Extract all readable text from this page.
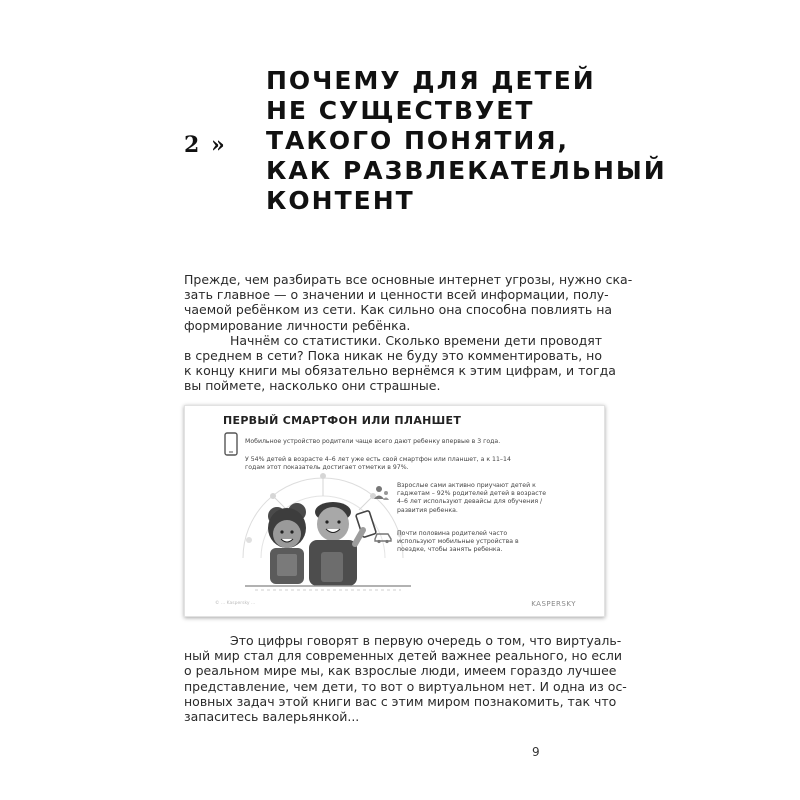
2 »
ПОЧЕМУ ДЛЯ ДЕТЕЙ
НЕ СУЩЕСТВУЕТ
ТАКОГО ПОНЯТИЯ,
КАК РАЗВЛЕКАТЕЛЬНЫЙ
КОНТЕНТ
Прежде, чем разбирать все основные интернет угрозы, нужно ска-
зать главное — о значении и ценности всей информации, полу-
чаемой ребёнком из сети. Как сильно она способна повлиять на
формирование личности ребёнка.
Начнём со статистики. Сколько времени дети проводят
в среднем в сети? Пока никак не буду это комментировать, но
к концу книги мы обязательно вернёмся к этим цифрам, и тогда
вы поймете, насколько они страшные.
ПЕРВЫЙ СМАРТФОН ИЛИ ПЛАНШЕТ
Мобильное устройство родители чаще всего дают ребенку впервые в 3 года.
У 54% детей в возрасте 4–6 лет уже есть свой смартфон или планшет, а к 11–14
годам этот показатель достигает отметки в 97%.
Взрослые сами активно приучают детей к
гаджетам – 92% родителей детей в возрасте
4–6 лет используют девайсы для обучения /
развития ребенка.
Почти половина родителей часто
используют мобильные устройства в
поездке, чтобы занять ребенка.
© ... Kaspersky ...	KASPERSKY
Это цифры говорят в первую очередь о том, что виртуаль-
ный мир стал для современных детей важнее реального, но если
о реальном мире мы, как взрослые люди, имеем гораздо лучшее
представление, чем дети, то вот о виртуальном нет. И одна из ос-
новных задач этой книги вас с этим миром познакомить, так что
запаситесь валерьянкой...
9
